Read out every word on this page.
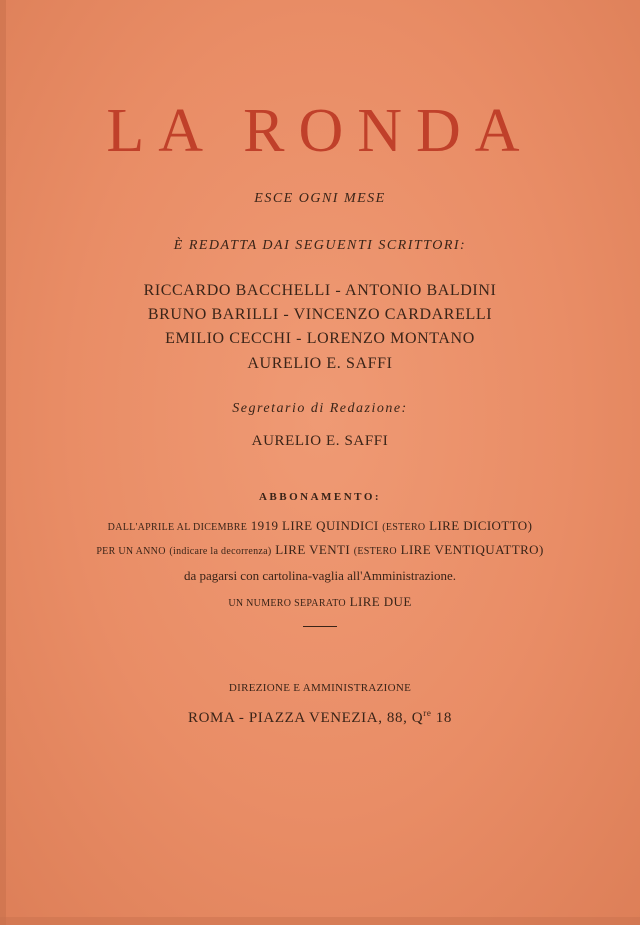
LA RONDA
ESCE OGNI MESE
È REDATTA DAI SEGUENTI SCRITTORI:
RICCARDO BACCHELLI - ANTONIO BALDINI
BRUNO BARILLI - VINCENZO CARDARELLI
EMILIO CECCHI - LORENZO MONTANO
AURELIO E. SAFFI
Segretario di Redazione:
AURELIO E. SAFFI
ABBONAMENTO:
DALL'APRILE AL DICEMBRE 1919 LIRE QUINDICI (ESTERO LIRE DICIOTTO)
PER UN ANNO (indicare la decorrenza) LIRE VENTI (ESTERO LIRE VENTIQUATTRO)
da pagarsi con cartolina-vaglia all'Amministrazione.
UN NUMERO SEPARATO LIRE DUE
DIREZIONE E AMMINISTRAZIONE
ROMA - PIAZZA VENEZIA, 88, $Q^{re}$ 18
